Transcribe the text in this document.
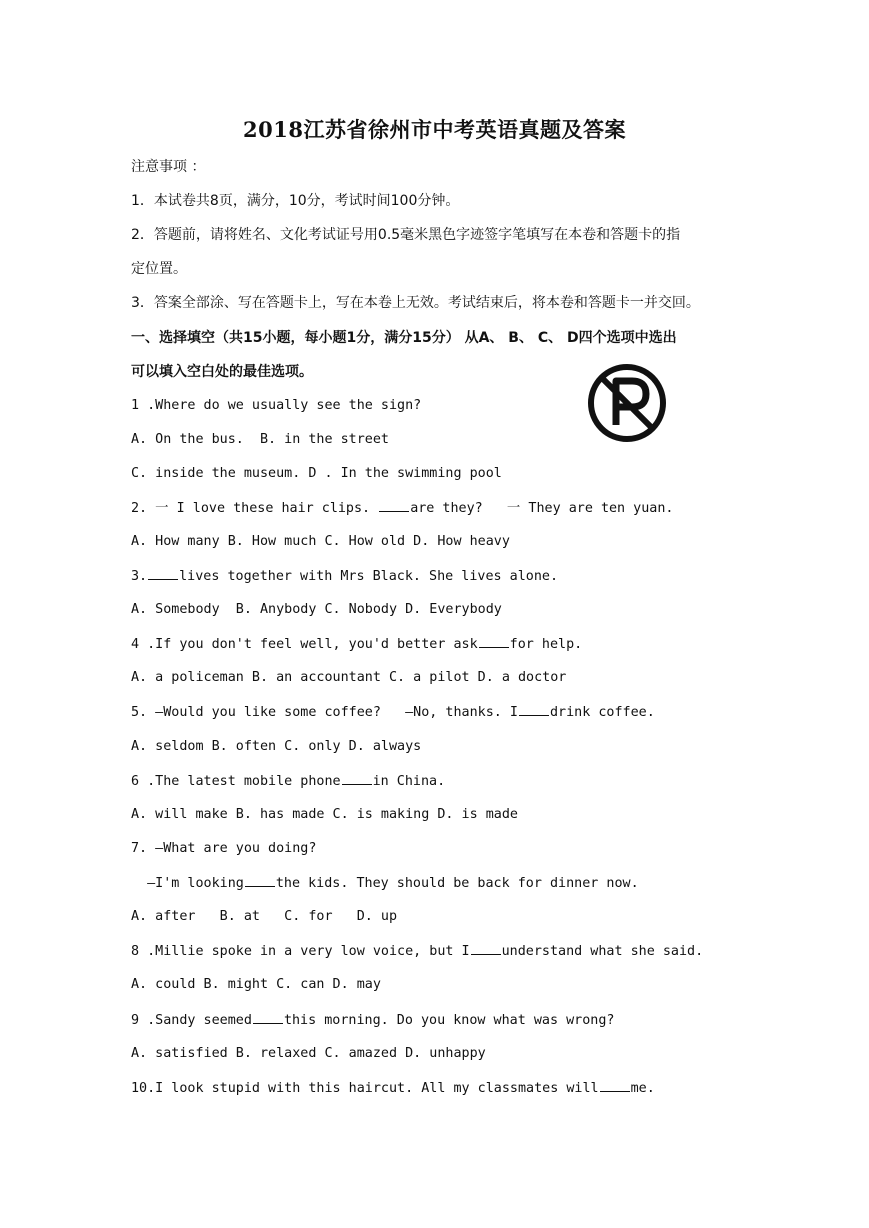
2018江苏省徐州市中考英语真题及答案
注意事项 ：
1．本试卷共8页，满分，10分，考试时间100分钟。
2．答题前，请将姓名、文化考试证号用0.5毫米黑色字迹签字笔填写在本卷和答题卡的指
定位置。
3．答案全部涂、写在答题卡上，写在本卷上无效。考试结束后，将本卷和答题卡一并交回。
一、选择填空（共15小题，每小题1分，满分15分） 从A、 B、 C、 D四个选项中选出
可以填入空白处的最佳选项。
1 .Where do we usually see the sign?
A. On the bus.  B. in the street
C. inside the museum. D . In the swimming pool
2. 一 I love these hair clips. are they?   一 They are ten yuan.
A. How many B. How much C. How old D. How heavy
3. lives together with Mrs Black. She lives alone.
A. Somebody  B. Anybody C. Nobody D. Everybody
4 .If you don't feel well, you'd better ask for help.
A. a policeman B. an accountant C. a pilot D. a doctor
5. —Would you like some coffee?   —No, thanks. I drink coffee.
A. seldom B. often C. only D. always
6 .The latest mobile phone in China.
A. will make B. has made C. is making D. is made
7. —What are you doing?
—I'm looking the kids. They should be back for dinner now.
A. after   B. at   C. for   D. up
8 .Millie spoke in a very low voice, but I understand what she said.
A. could B. might C. can D. may
9 .Sandy seemed this morning. Do you know what was wrong?
A. satisfied B. relaxed C. amazed D. unhappy
10.I look stupid with this haircut. All my classmates will me.
